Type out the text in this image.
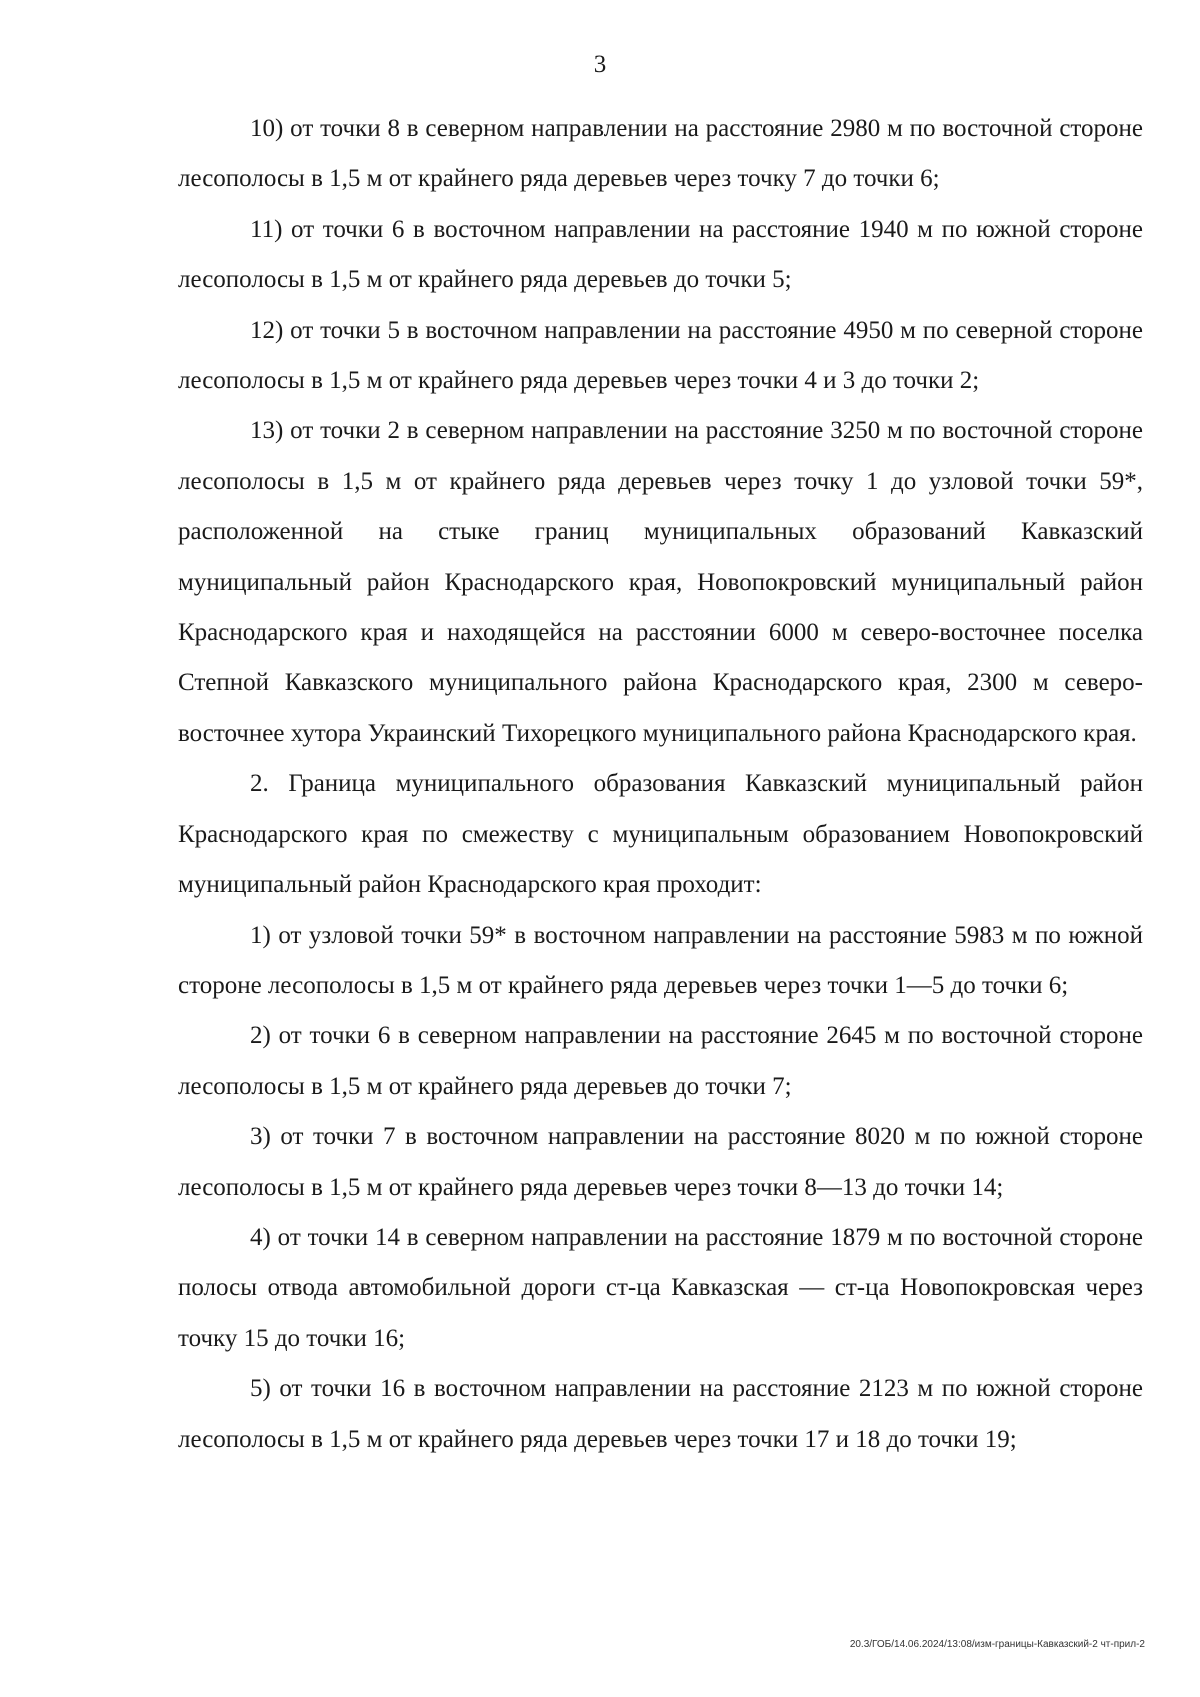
3

10) от точки 8 в северном направлении на расстояние 2980 м по восточной стороне лесополосы в 1,5 м от крайнего ряда деревьев через точку 7 до точки 6;

11) от точки 6 в восточном направлении на расстояние 1940 м по южной стороне лесополосы в 1,5 м от крайнего ряда деревьев до точки 5;

12) от точки 5 в восточном направлении на расстояние 4950 м по северной стороне лесополосы в 1,5 м от крайнего ряда деревьев через точки 4 и 3 до точки 2;

13) от точки 2 в северном направлении на расстояние 3250 м по восточной стороне лесополосы в 1,5 м от крайнего ряда деревьев через точку 1 до узловой точки 59*, расположенной на стыке границ муниципальных образований Кавказский муниципальный район Краснодарского края, Новопокровский муниципальный район Краснодарского края и находящейся на расстоянии 6000 м северо-восточнее поселка Степной Кавказского муниципального района Краснодарского края, 2300 м северо-восточнее хутора Украинский Тихорецкого муниципального района Краснодарского края.

2. Граница муниципального образования Кавказский муниципальный район Краснодарского края по смежеству с муниципальным образованием Новопокровский муниципальный район Краснодарского края проходит:

1) от узловой точки 59* в восточном направлении на расстояние 5983 м по южной стороне лесополосы в 1,5 м от крайнего ряда деревьев через точки 1—5 до точки 6;

2) от точки 6 в северном направлении на расстояние 2645 м по восточной стороне лесополосы в 1,5 м от крайнего ряда деревьев до точки 7;

3) от точки 7 в восточном направлении на расстояние 8020 м по южной стороне лесополосы в 1,5 м от крайнего ряда деревьев через точки 8—13 до точки 14;

4) от точки 14 в северном направлении на расстояние 1879 м по восточной стороне полосы отвода автомобильной дороги ст-ца Кавказская — ст-ца Новопокровская через точку 15 до точки 16;

5) от точки 16 в восточном направлении на расстояние 2123 м по южной стороне лесополосы в 1,5 м от крайнего ряда деревьев через точки 17 и 18 до точки 19;

20.3/ГОБ/14.06.2024/13:08/изм-границы-Кавказский-2 чт-прил-2
